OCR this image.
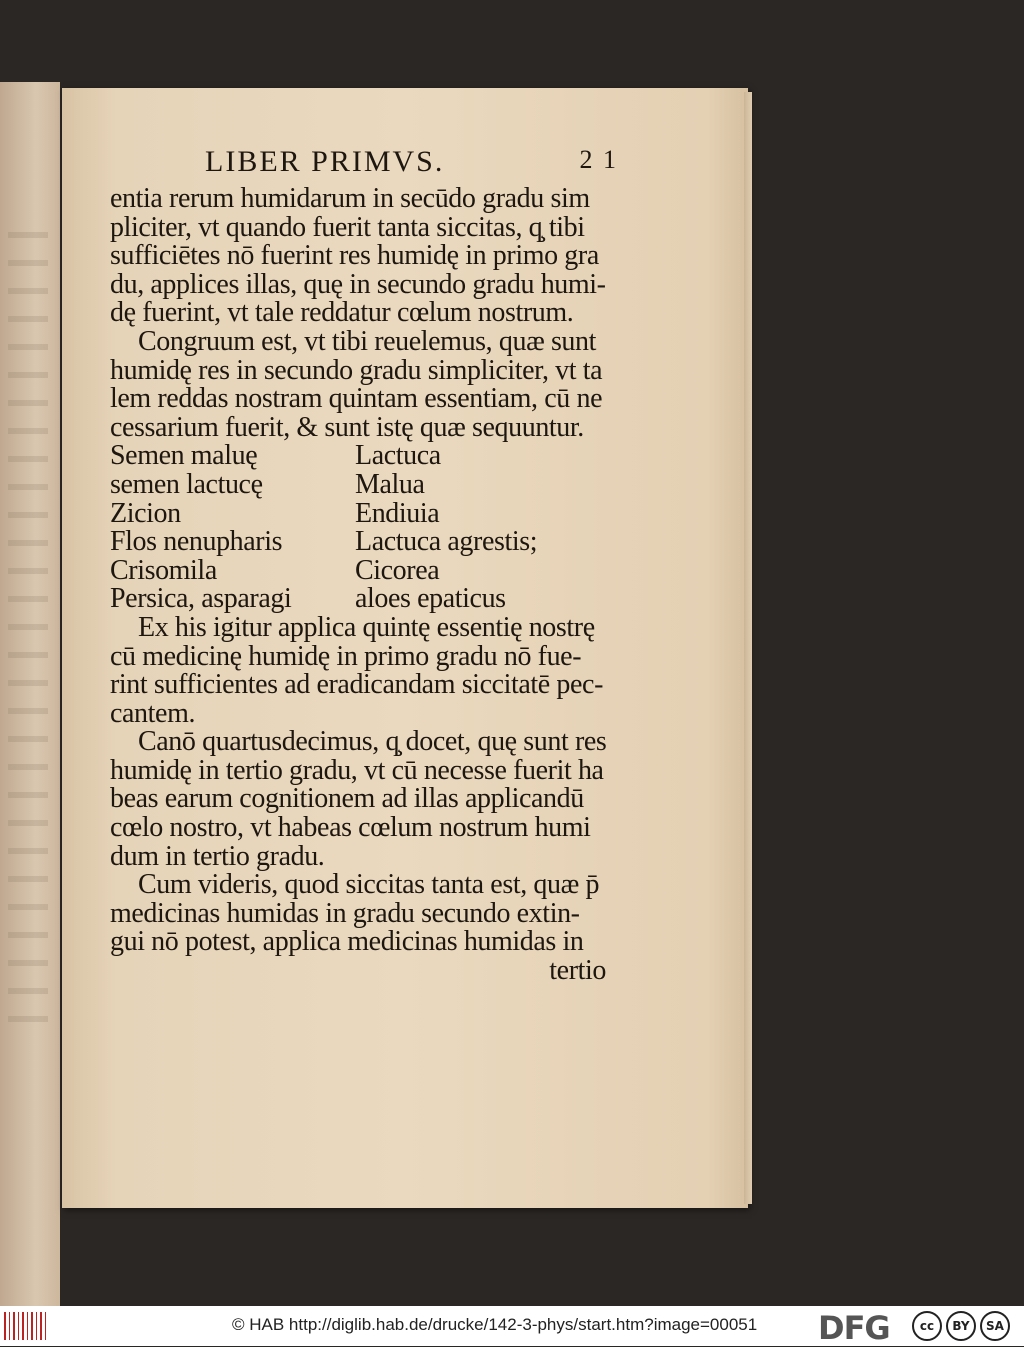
LIBER PRIMVS.	2 1
entia rerum humidarum in secūdo gradu sim
pliciter, vt quando fuerit tanta siccitas, q̧ tibi
sufficiētes nō fuerint res humidę in primo gra
du, applices illas, quę in secundo gradu humi-
dę fuerint, vt tale reddatur cœlum nostrum.
Congruum est, vt tibi reuelemus, quæ sunt
humidę res in secundo gradu simpliciter, vt ta
lem reddas nostram quintam essentiam, cū ne
cessarium fuerit, & sunt istę quæ sequuntur.
Semen maluę	Lactuca
semen lactucę	Malua
Zicion	Endiuia
Flos nenupharis	Lactuca agrestis;
Crisomila	Cicorea
Persica, asparagi	aloes epaticus
Ex his igitur applica quintę essentię nostrę
cū medicinę humidę in primo gradu nō fue-
rint sufficientes ad eradicandam siccitatē pec-
cantem.
Canō quartusdecimus, q̧ docet, quę sunt res
humidę in tertio gradu, vt cū necesse fuerit ha
beas earum cognitionem ad illas applicandū
cœlo nostro, vt habeas cœlum nostrum humi
dum in tertio gradu.
Cum videris, quod siccitas tanta est, quæ p̄
medicinas humidas in gradu secundo extin-
gui nō potest, applica medicinas humidas in
tertio
© HAB http://diglib.hab.de/drucke/142-3-phys/start.htm?image=00051 DFG	cc	BY	SA
